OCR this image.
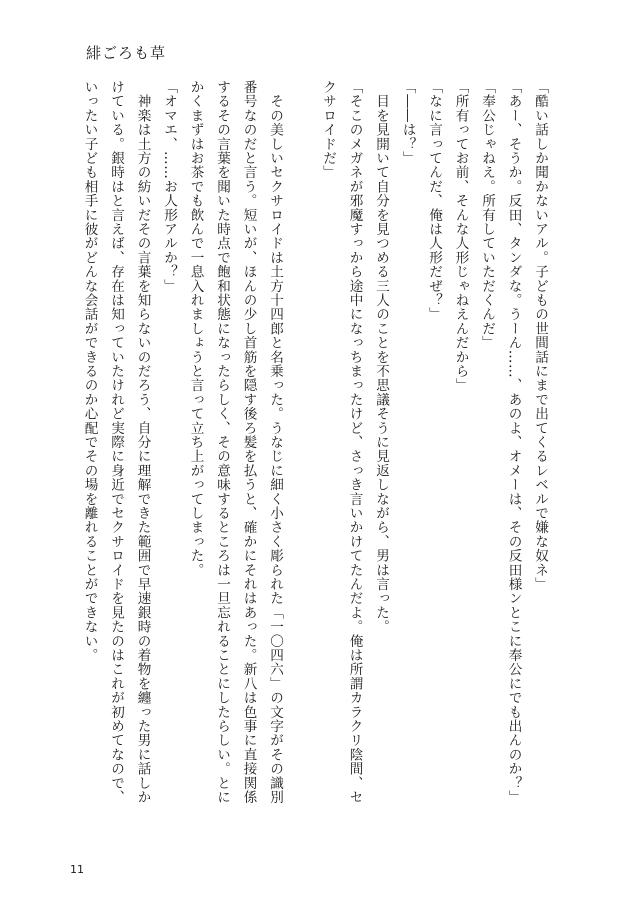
緋ごろも草
「酷い話しか聞かないアル。子どもの世間話にまで出てくるレベルで嫌な奴ネ」
「あー、そうか。反田、タンダな。うーん……、あのよ、オメーは、その反田様ンとこに奉公にでも出んのか？」
「奉公じゃねえ。所有していただくんだ」
「所有ってお前、そんな人形じゃねえんだから」
「なに言ってんだ、俺は人形だぜ？」
「――は？」
　目を見開いて自分を見つめる三人のことを不思議そうに見返しながら、男は言った。
「そこのメガネが邪魔すっから途中になっちまったけど、さっき言いかけてたんだよ。俺は所謂カラクリ陰間、セ
クサロイドだ」

　その美しいセクサロイドは土方十四郎と名乗った。うなじに細く小さく彫られた「一〇四六」の文字がその識別
番号なのだと言う。短いが、ほんの少し首筋を隠す後ろ髪を払うと、確かにそれはあった。新八は色事に直接関係
するその言葉を聞いた時点で飽和状態になったらしく、その意味するところは一旦忘れることにしたらしい。とに
かくまずはお茶でも飲んで一息入れましょうと言って立ち上がってしまった。
「オマエ、……お人形アルか？」
　神楽は土方の紡いだその言葉を知らないのだろう、自分に理解できた範囲で早速銀時の着物を纏った男に話しか
けている。銀時はと言えば、存在は知っていたけれど実際に身近でセクサロイドを見たのはこれが初めてなので、
いったい子ども相手に彼がどんな会話ができるのか心配でその場を離れることができない。
11
